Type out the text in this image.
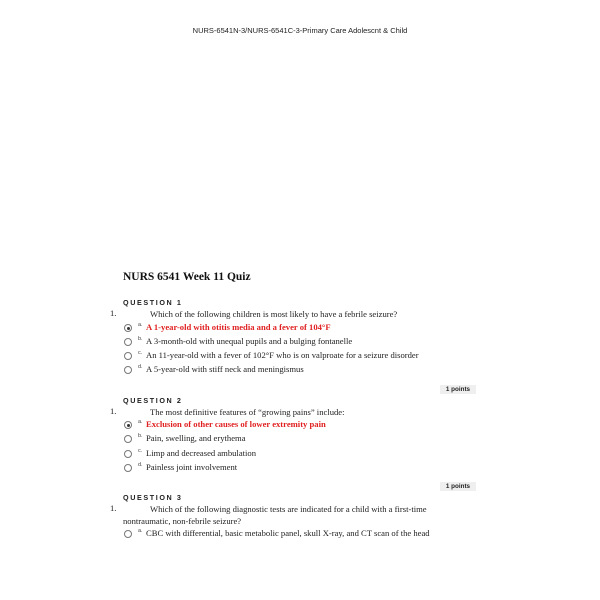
NURS-6541N-3/NURS-6541C-3-Primary Care Adolescnt & Child
NURS 6541 Week 11 Quiz
QUESTION 1
1.	Which of the following children is most likely to have a febrile seizure?
a. A 1-year-old with otitis media and a fever of 104°F
b. A 3-month-old with unequal pupils and a bulging fontanelle
c. An 11-year-old with a fever of 102°F who is on valproate for a seizure disorder
d. A 5-year-old with stiff neck and meningismus
1 points
QUESTION 2
1.	The most definitive features of “growing pains” include:
a. Exclusion of other causes of lower extremity pain
b. Pain, swelling, and erythema
c. Limp and decreased ambulation
d. Painless joint involvement
1 points
QUESTION 3
1.	Which of the following diagnostic tests are indicated for a child with a first-time nontraumatic, non-febrile seizure?
a. CBC with differential, basic metabolic panel, skull X-ray, and CT scan of the head
